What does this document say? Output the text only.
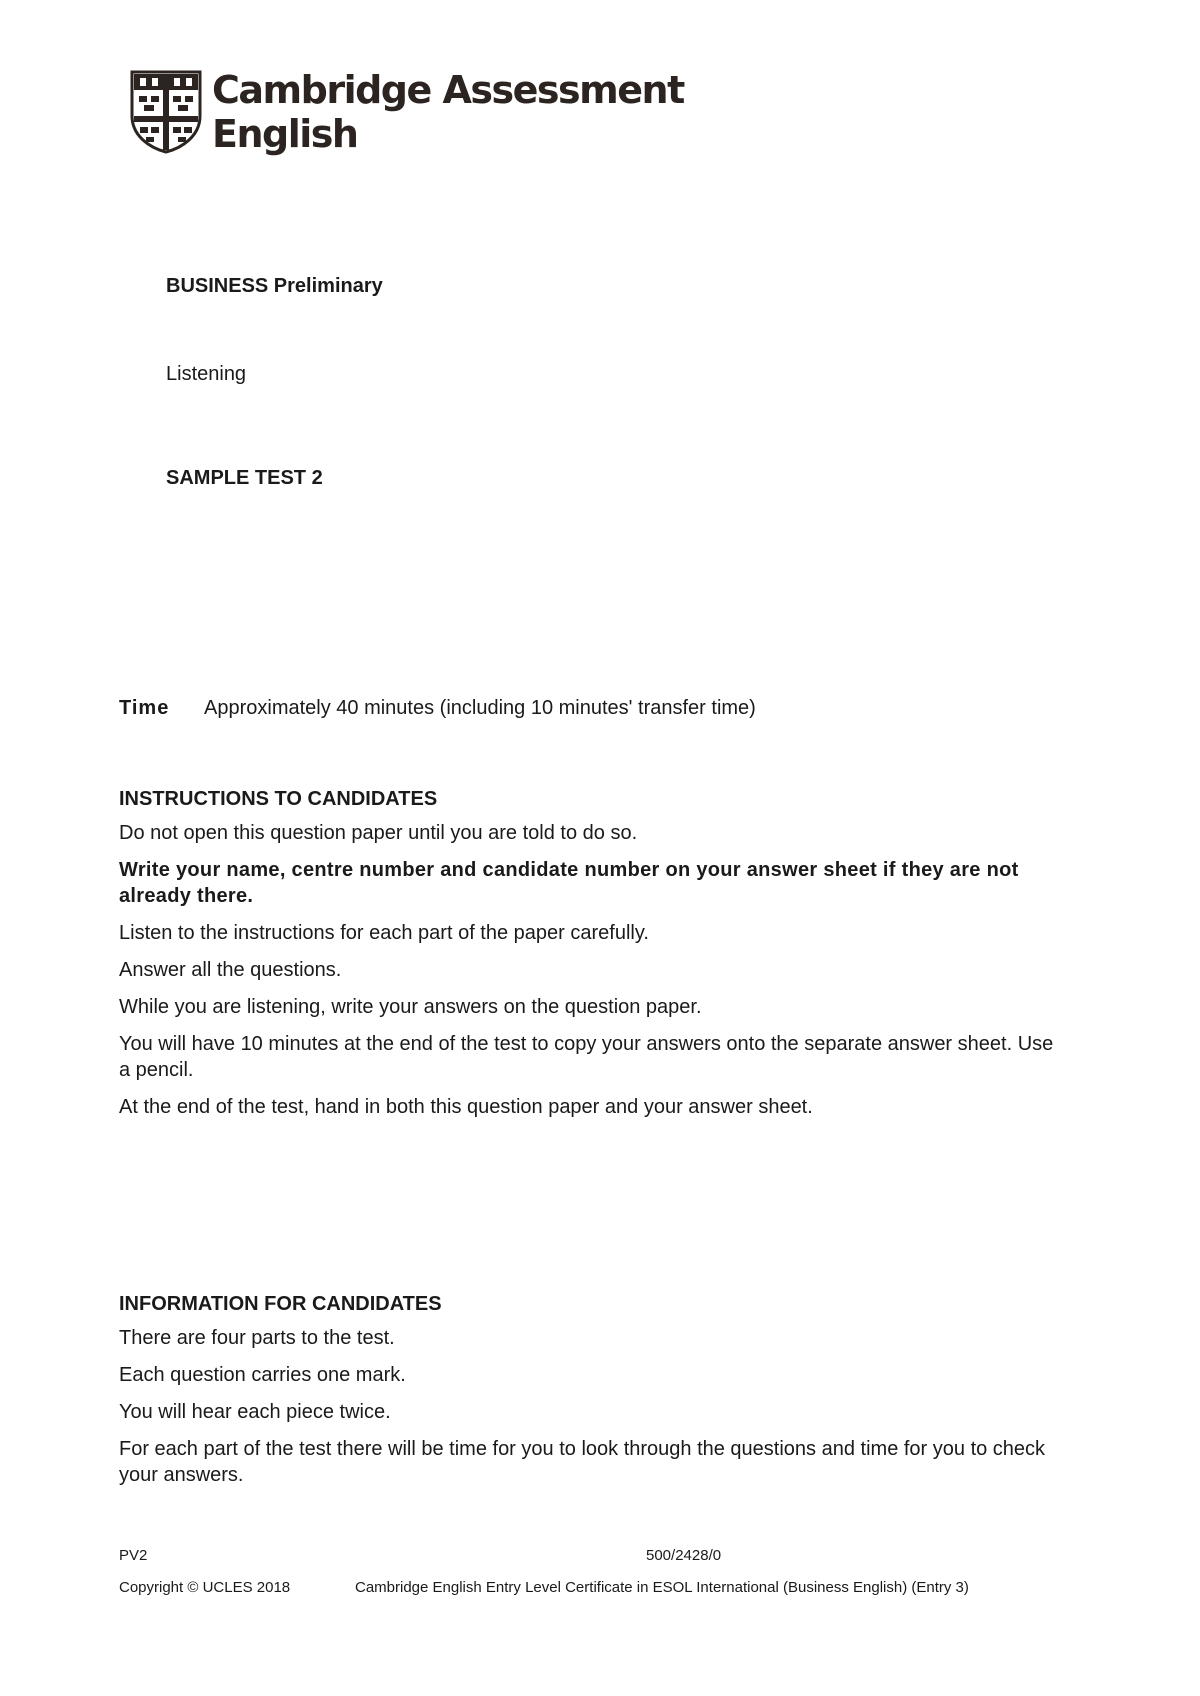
Cambridge Assessment
English
BUSINESS Preliminary
Listening
SAMPLE TEST 2
Time Approximately 40 minutes (including 10 minutes' transfer time)
INSTRUCTIONS TO CANDIDATES

Do not open this question paper until you are told to do so.

Write your name, centre number and candidate number on your answer sheet if they are not already there.

Listen to the instructions for each part of the paper carefully.

Answer all the questions.

While you are listening, write your answers on the question paper.

You will have 10 minutes at the end of the test to copy your answers onto the separate answer sheet. Use a pencil.

At the end of the test, hand in both this question paper and your answer sheet.

INFORMATION FOR CANDIDATES

There are four parts to the test.

Each question carries one mark.

You will hear each piece twice.

For each part of the test there will be time for you to look through the questions and time for you to check your answers.

PV2	500/2428/0
Copyright © UCLES 2018	Cambridge English Entry Level Certificate in ESOL International (Business English) (Entry 3)
